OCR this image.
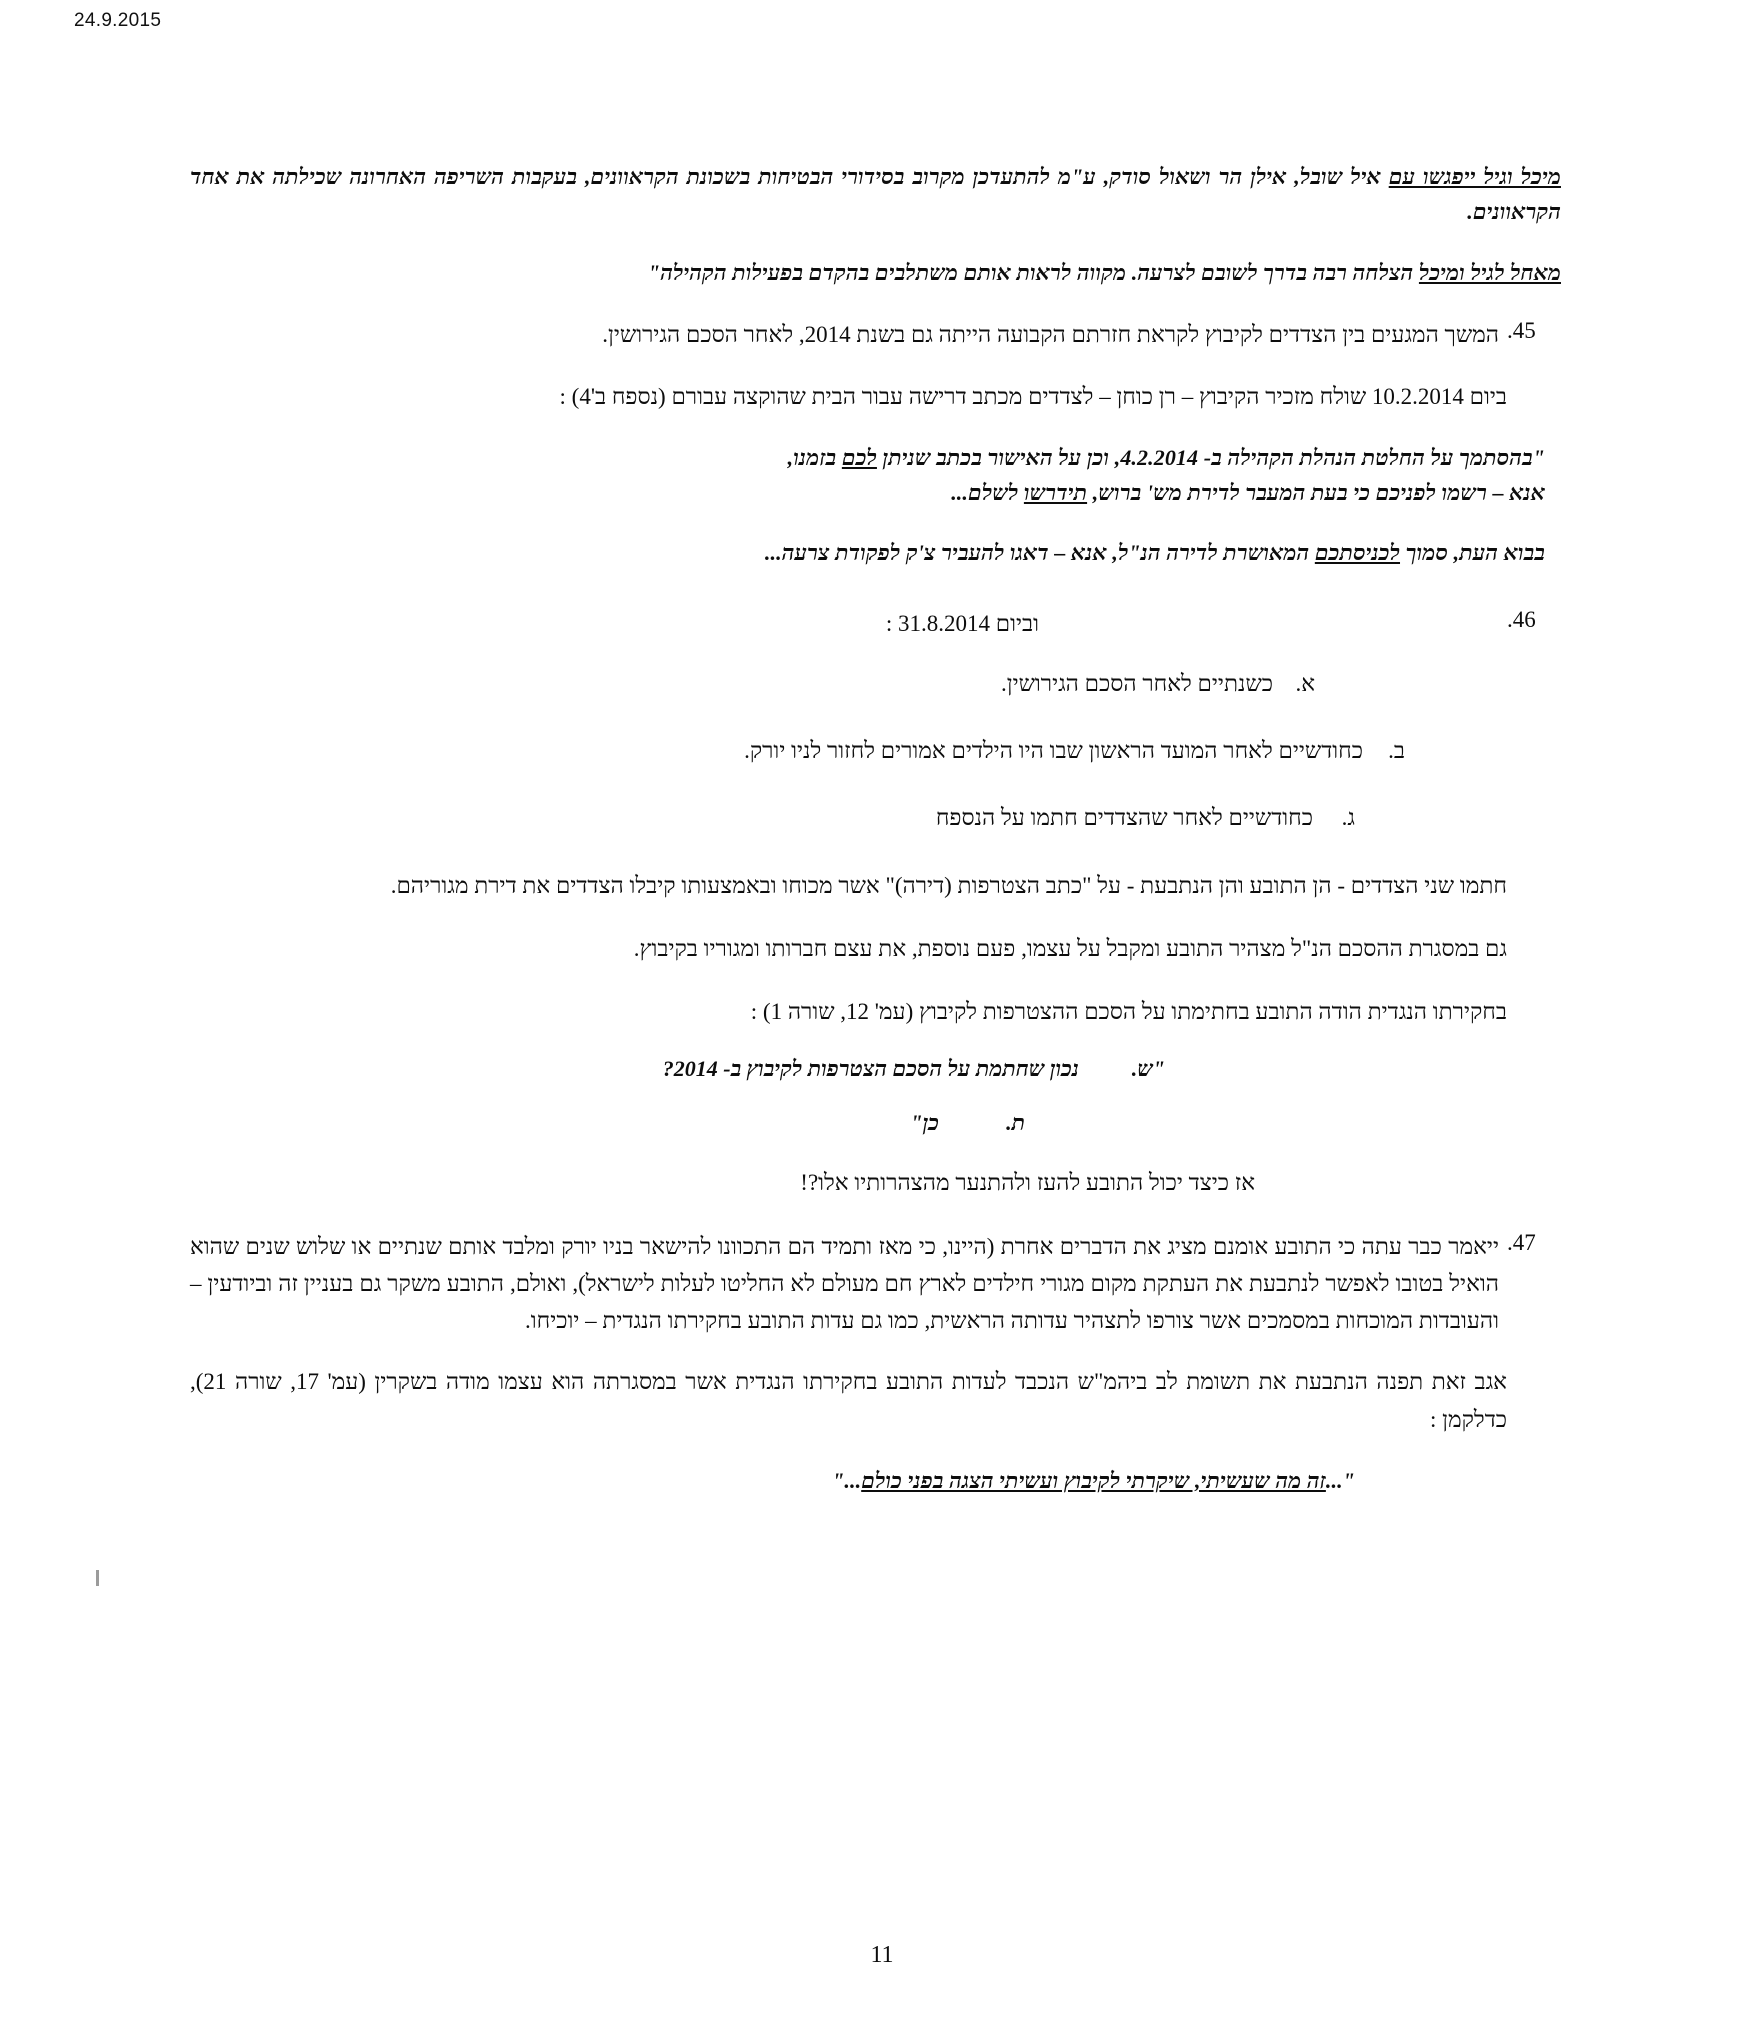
24.9.2015
מיכל וגיל ייפגשו עם איל שובל, אילן הר ושאול סודק, ע"מ להתעדכן מקרוב בסידורי הבטיחות בשכונת הקראוונים, בעקבות השריפה האחרונה שכילתה את אחד הקראוונים.
מאחל לגיל ומיכל הצלחה רבה בדרך לשובם לצרעה. מקווה לראות אותם משתלבים בהקדם בפעילות הקהילה"
.45
המשך המגעים בין הצדדים לקיבוץ לקראת חזרתם הקבועה הייתה גם בשנת 2014, לאחר הסכם הגירושין.
ביום 10.2.2014 שולח מזכיר הקיבוץ – רן כוחן – לצדדים מכתב דרישה עבור הבית שהוקצה עבורם (נספח ב'4) :
"בהסתמך על החלטת הנהלת הקהילה ב- 4.2.2014, וכן על האישור בכתב שניתן לכם בזמנו,
אנא – רשמו לפניכם כי בעת המעבר לדירת מש' ברוש, תידרשו לשלם...
בבוא העת, סמוך לכניסתכם המאושרת לדירה הנ"ל, אנא – דאגו להעביר צ'ק לפקודת צרעה...
.46
וביום 31.8.2014 :
א.
כשנתיים לאחר הסכם הגירושין.
ב.
כחודשיים לאחר המועד הראשון שבו היו הילדים אמורים לחזור לניו יורק.
ג.
כחודשיים לאחר שהצדדים חתמו על הנספח
חתמו שני הצדדים - הן התובע והן הנתבעת - על "כתב הצטרפות (דירה)" אשר מכוחו ובאמצעותו קיבלו הצדדים את דירת מגוריהם.
גם במסגרת ההסכם הנ"ל מצהיר התובע ומקבל על עצמו, פעם נוספת, את עצם חברותו ומגוריו בקיבוץ.
בחקירתו הנגדית הודה התובע בחתימתו על הסכם ההצטרפות לקיבוץ (עמ' 12, שורה 1) :
"ש.
נכון שחתמת על הסכם הצטרפות לקיבוץ ב- 2014?
ת.
כן"
אז כיצד יכול התובע להעז ולהתנער מהצהרותיו אלו?!
.47
ייאמר כבר עתה כי התובע אומנם מציג את הדברים אחרת (היינו, כי מאז ותמיד הם התכוונו להישאר בניו יורק ומלבד אותם שנתיים או שלוש שנים שהוא הואיל בטובו לאפשר לנתבעת את העתקת מקום מגורי חילדים לארץ חם מעולם לא החליטו לעלות לישראל), ואולם, התובע משקר גם בעניין זה וביודעין – והעובדות המוכחות במסמכים אשר צורפו לתצהיר עדותה הראשית, כמו גם עדות התובע בחקירתו הנגדית – יוכיחו.
אגב זאת תפנה הנתבעת את תשומת לב ביהמ"ש הנכבד לעדות התובע בחקירתו הנגדית אשר במסגרתה הוא עצמו מודה בשקרין (עמ' 17, שורה 21), כדלקמן :
"...זה מה שעשיתי, שיקרתי לקיבוץ ועשיתי הצגה בפני כולם..."
11
